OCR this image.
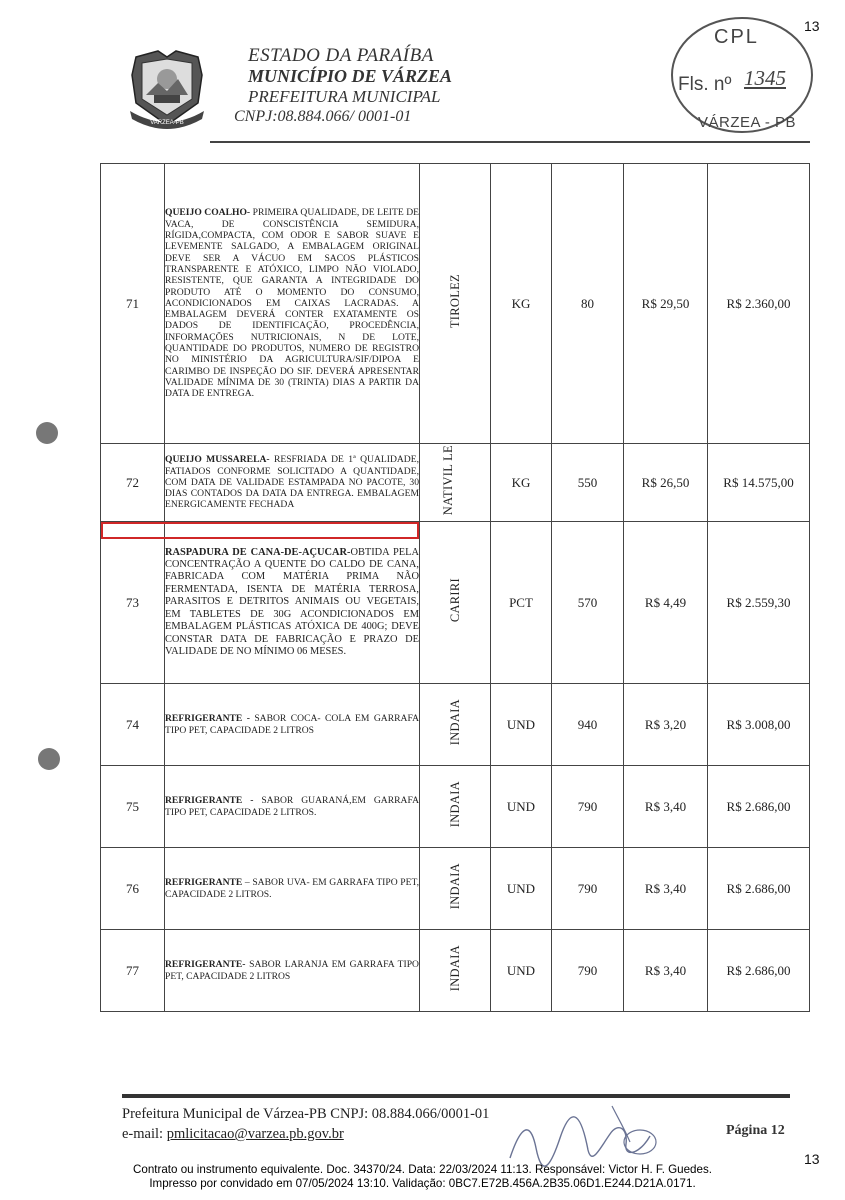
13
13
VARZEA-PB
ESTADO DA PARAÍBA
MUNICÍPIO DE VÁRZEA
PREFEITURA MUNICIPAL
CNPJ:08.884.066/ 0001-01
CPL
Fls. nº 1345
VÁRZEA - PB
71	QUEIJO COALHO- PRIMEIRA QUALIDADE, DE LEITE DE VACA, DE CONSCISTÊNCIA SEMIDURA, RÍGIDA,COMPACTA, COM ODOR E SABOR SUAVE E LEVEMENTE SALGADO, A EMBALAGEM ORIGINAL DEVE SER A VÁCUO EM SACOS PLÁSTICOS TRANSPARENTE E ATÓXICO, LIMPO NÃO VIOLADO, RESISTENTE, QUE GARANTA A INTEGRIDADE DO PRODUTO ATÉ O MOMENTO DO CONSUMO, ACONDICIONADOS EM CAIXAS LACRADAS. A EMBALAGEM DEVERÁ CONTER EXATAMENTE OS DADOS DE IDENTIFICAÇÃO, PROCEDÊNCIA, INFORMAÇÕES NUTRICIONAIS, N DE LOTE, QUANTIDADE DO PRODUTOS, NUMERO DE REGISTRO NO MINISTÉRIO DA AGRICULTURA/SIF/DIPOA E CARIMBO DE INSPEÇÃO DO SIF. DEVERÁ APRESENTAR VALIDADE MÍNIMA DE 30 (TRINTA) DIAS A PARTIR DA DATA DE ENTREGA.	TIROLEZ	KG	80	R$ 29,50	R$ 2.360,00
72	QUEIJO MUSSARELA- RESFRIADA DE 1ª QUALIDADE, FATIADOS CONFORME SOLICITADO A QUANTIDADE, COM DATA DE VALIDADE ESTAMPADA NO PACOTE, 30 DIAS CONTADOS DA DATA DA ENTREGA. EMBALAGEM ENERGICAMENTE FECHADA	NATIVIL LE	KG	550	R$ 26,50	R$ 14.575,00
73	RASPADURA DE CANA-DE-AÇUCAR-OBTIDA PELA CONCENTRAÇÃO A QUENTE DO CALDO DE CANA, FABRICADA COM MATÉRIA PRIMA NÃO FERMENTADA, ISENTA DE MATÉRIA TERROSA, PARASITOS E DETRITOS ANIMAIS OU VEGETAIS, EM TABLETES DE 30G ACONDICIONADOS EM EMBALAGEM PLÁSTICAS ATÓXICA DE 400G; DEVE CONSTAR DATA DE FABRICAÇÃO E PRAZO DE VALIDADE DE NO MÍNIMO 06 MESES.	CARIRI	PCT	570	R$ 4,49	R$ 2.559,30
74	REFRIGERANTE - SABOR COCA- COLA EM GARRAFA TIPO PET, CAPACIDADE 2 LITROS	INDAIA	UND	940	R$ 3,20	R$ 3.008,00
75	REFRIGERANTE - SABOR GUARANÁ,EM GARRAFA TIPO PET, CAPACIDADE 2 LITROS.	INDAIA	UND	790	R$ 3,40	R$ 2.686,00
76	REFRIGERANTE – SABOR UVA- EM GARRAFA TIPO PET, CAPACIDADE 2 LITROS.	INDAIA	UND	790	R$ 3,40	R$ 2.686,00
77	REFRIGERANTE- SABOR LARANJA EM GARRAFA TIPO PET, CAPACIDADE 2 LITROS	INDAIA	UND	790	R$ 3,40	R$ 2.686,00
Prefeitura Municipal de Várzea-PB CNPJ: 08.884.066/0001-01
e-mail: pmlicitacao@varzea.pb.gov.br	Página 12
Contrato ou instrumento equivalente. Doc. 34370/24. Data: 22/03/2024 11:13. Responsável: Victor H. F. Guedes.
Impresso por convidado em 07/05/2024 13:10. Validação: 0BC7.E72B.456A.2B35.06D1.E244.D21A.0171.
